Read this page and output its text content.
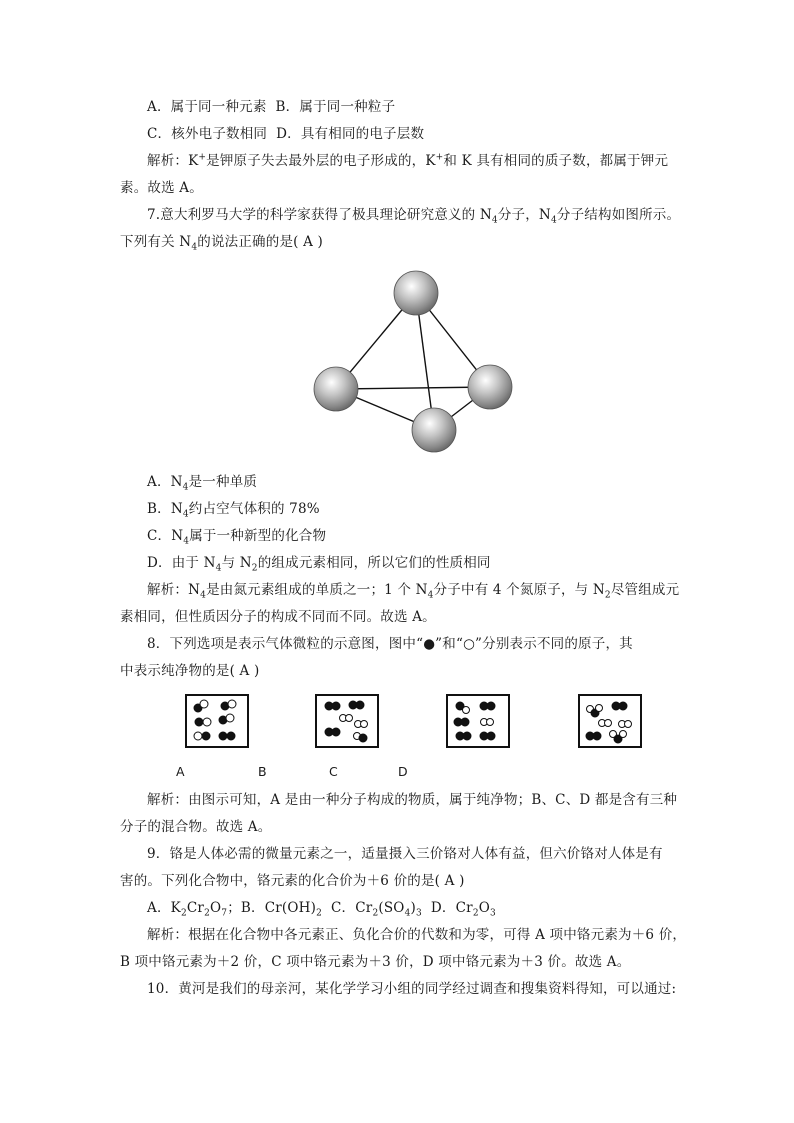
A．属于同一种元素 B．属于同一种粒子
C．核外电子数相同 D．具有相同的电子层数
解析：K+是钾原子失去最外层的电子形成的，K+和 K 具有相同的质子数，都属于钾元
素。故选 A。
7.意大利罗马大学的科学家获得了极具理论研究意义的 $N_4$分子，$N_4$分子结构如图所示。
下列有关 $N_4$的说法正确的是( A )
A．$N_4$是一种单质
B．$N_4$约占空气体积的 78%
C．$N_4$属于一种新型的化合物
D．由于 $N_4$与 $N_2$的组成元素相同，所以它们的性质相同
解析：$N_4$是由氮元素组成的单质之一；1 个 $N_4$分子中有 4 个氮原子，与 $N_2$尽管组成元
素相同，但性质因分子的构成不同而不同。故选 A。
8．下列选项是表示气体微粒的示意图，图中“●”和“○”分别表示不同的原子，其
中表示纯净物的是( A )
A	B	C	D
解析：由图示可知，A 是由一种分子构成的物质，属于纯净物；B、C、D 都是含有三种
分子的混合物。故选 A。
9．铬是人体必需的微量元素之一，适量摄入三价铬对人体有益，但六价铬对人体是有
害的。下列化合物中，铬元素的化合价为＋6 价的是( A )
A．$K_2Cr_2O_7$；B．$Cr(OH)_2$  C．$Cr_2(SO_4)_3$  D．$Cr_2O_3$
解析：根据在化合物中各元素正、负化合价的代数和为零，可得 A 项中铬元素为＋6 价，
B 项中铬元素为＋2 价，C 项中铬元素为＋3 价，D 项中铬元素为＋3 价。故选 A。
10．黄河是我们的母亲河，某化学学习小组的同学经过调查和搜集资料得知，可以通过:
